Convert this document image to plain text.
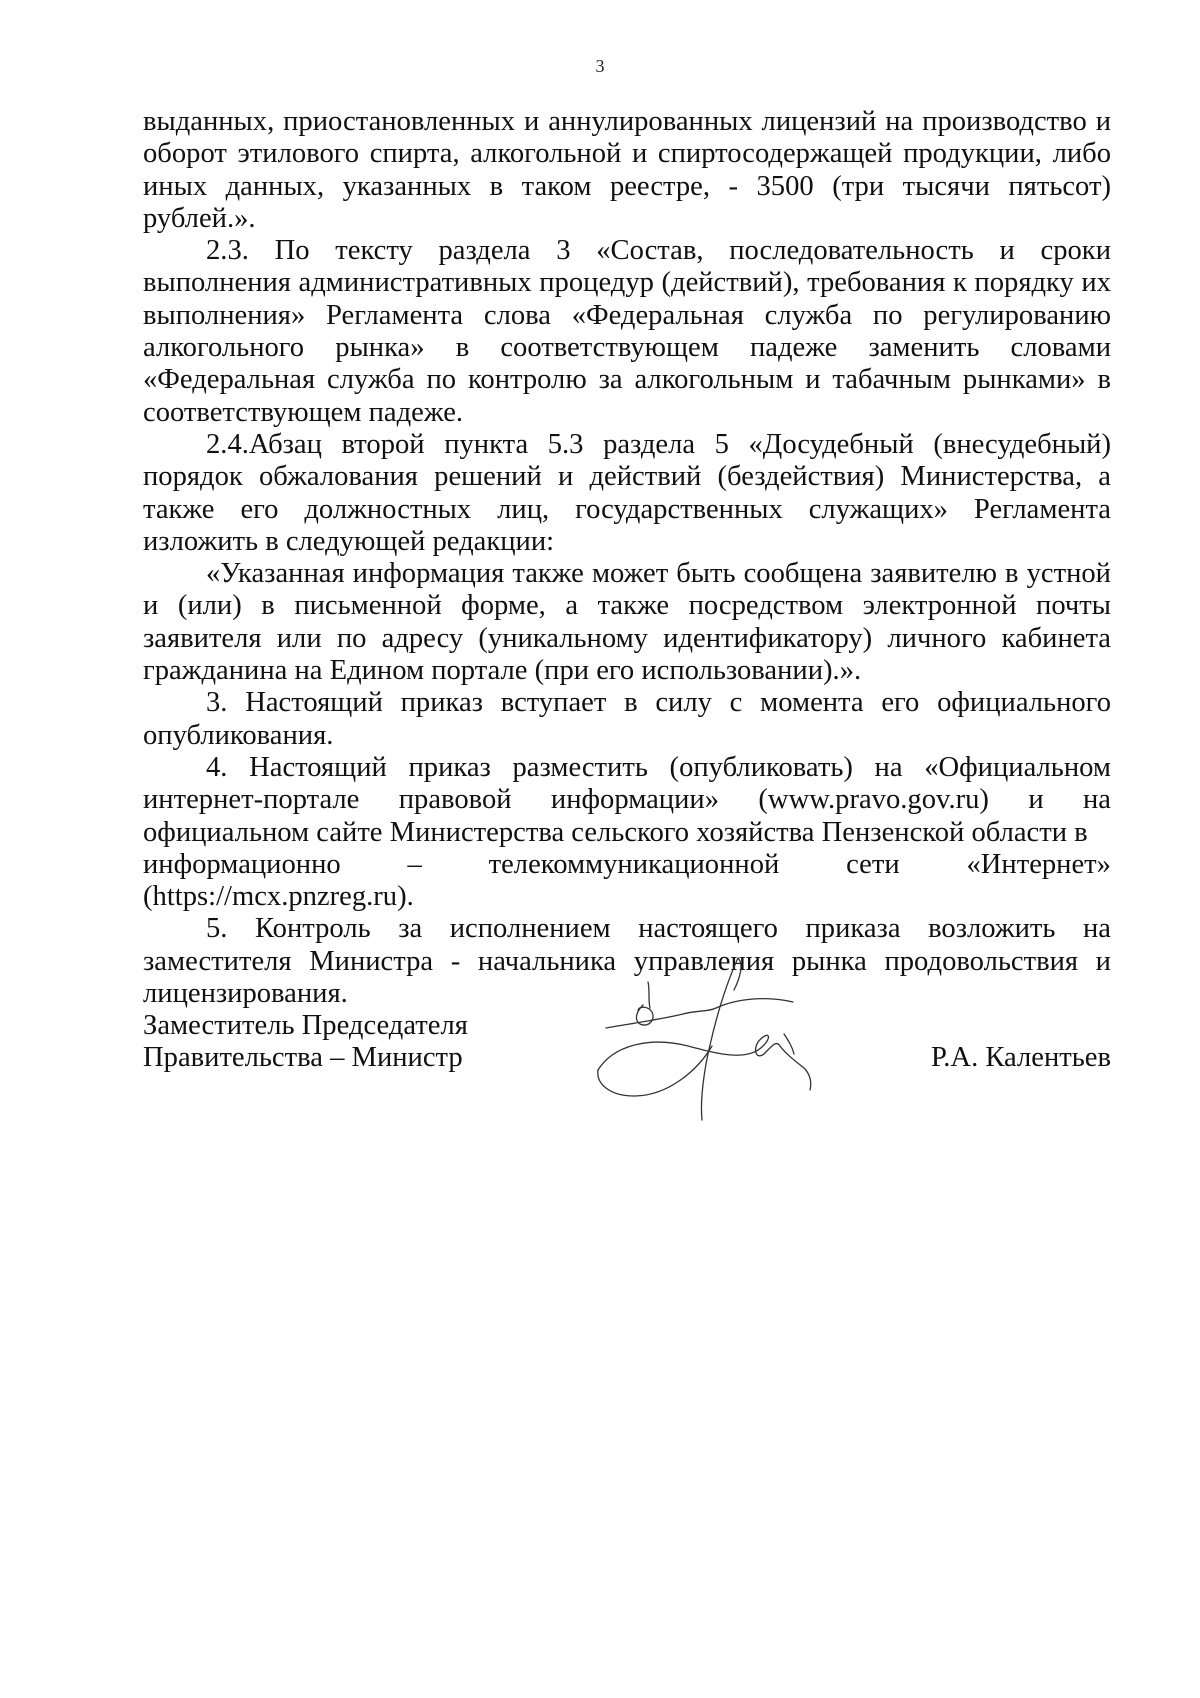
3

выданных, приостановленных и аннулированных лицензий на производство и оборот этилового спирта, алкогольной и спиртосодержащей продукции, либо иных данных, указанных в таком реестре, - 3500 (три тысячи пятьсот) рублей.».

2.3. По тексту раздела 3 «Состав, последовательность и сроки выполнения административных процедур (действий), требования к порядку их выполнения» Регламента слова «Федеральная служба по регулированию алкогольного рынка» в соответствующем падеже заменить словами «Федеральная служба по контролю за алкогольным и табачным рынками» в соответствующем падеже.

2.4.Абзац второй пункта 5.3 раздела 5 «Досудебный (внесудебный) порядок обжалования решений и действий (бездействия) Министерства, а также его должностных лиц, государственных служащих» Регламента изложить в следующей редакции:

«Указанная информация также может быть сообщена заявителю в устной и (или) в письменной форме, а также посредством электронной почты заявителя или по адресу (уникальному идентификатору) личного кабинета гражданина на Едином портале (при его использовании).».

3. Настоящий приказ вступает в силу с момента его официального опубликования.

4. Настоящий приказ разместить (опубликовать) на «Официальном интернет-портале правовой информации» (www.pravo.gov.ru) и на официальном сайте Министерства сельского хозяйства Пензенской области в

информационно – телекоммуникационной сети «Интернет»

(https://mcx.pnzreg.ru).

5. Контроль за исполнением настоящего приказа возложить на заместителя Министра - начальника управления рынка продовольствия и лицензирования.

Заместитель Председателя
Правительства – Министр	Р.А. Калентьев
